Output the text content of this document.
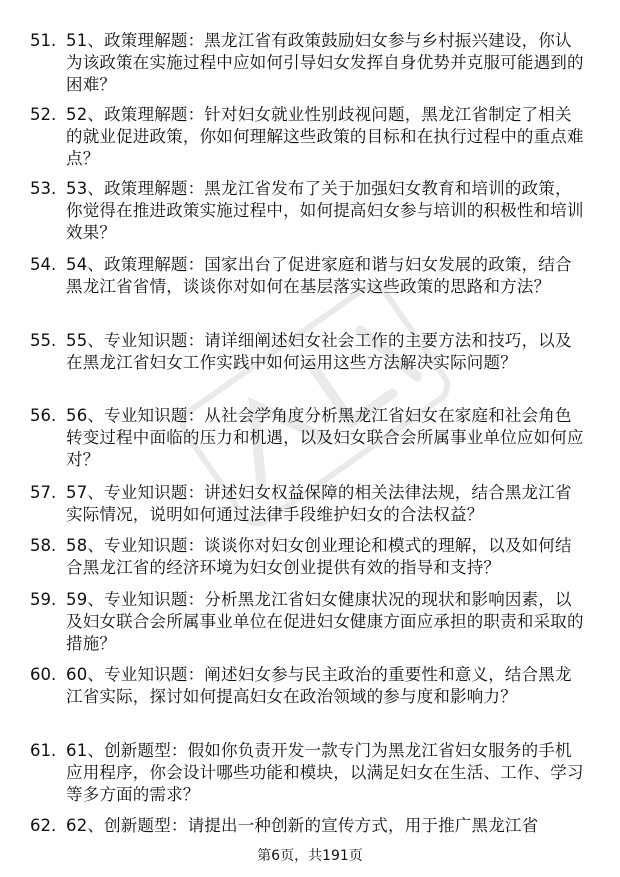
51. 51、政策理解题：黑龙江省有政策鼓励妇女参与乡村振兴建设，你认为该政策在实施过程中应如何引导妇女发挥自身优势并克服可能遇到的困难？
52. 52、政策理解题：针对妇女就业性别歧视问题，黑龙江省制定了相关的就业促进政策，你如何理解这些政策的目标和在执行过程中的重点难点？
53. 53、政策理解题：黑龙江省发布了关于加强妇女教育和培训的政策，你觉得在推进政策实施过程中，如何提高妇女参与培训的积极性和培训效果？
54. 54、政策理解题：国家出台了促进家庭和谐与妇女发展的政策，结合黑龙江省省情，谈谈你对如何在基层落实这些政策的思路和方法？
55. 55、专业知识题：请详细阐述妇女社会工作的主要方法和技巧，以及在黑龙江省妇女工作实践中如何运用这些方法解决实际问题？
56. 56、专业知识题：从社会学角度分析黑龙江省妇女在家庭和社会角色转变过程中面临的压力和机遇，以及妇女联合会所属事业单位应如何应对？
57. 57、专业知识题：讲述妇女权益保障的相关法律法规，结合黑龙江省实际情况，说明如何通过法律手段维护妇女的合法权益？
58. 58、专业知识题：谈谈你对妇女创业理论和模式的理解，以及如何结合黑龙江省的经济环境为妇女创业提供有效的指导和支持？
59. 59、专业知识题：分析黑龙江省妇女健康状况的现状和影响因素，以及妇女联合会所属事业单位在促进妇女健康方面应承担的职责和采取的措施？
60. 60、专业知识题：阐述妇女参与民主政治的重要性和意义，结合黑龙江省实际，探讨如何提高妇女在政治领域的参与度和影响力？
61. 61、创新题型：假如你负责开发一款专门为黑龙江省妇女服务的手机应用程序，你会设计哪些功能和模块，以满足妇女在生活、工作、学习等多方面的需求？
62. 62、创新题型：请提出一种创新的宣传方式，用于推广黑龙江省
第6页，共191页
